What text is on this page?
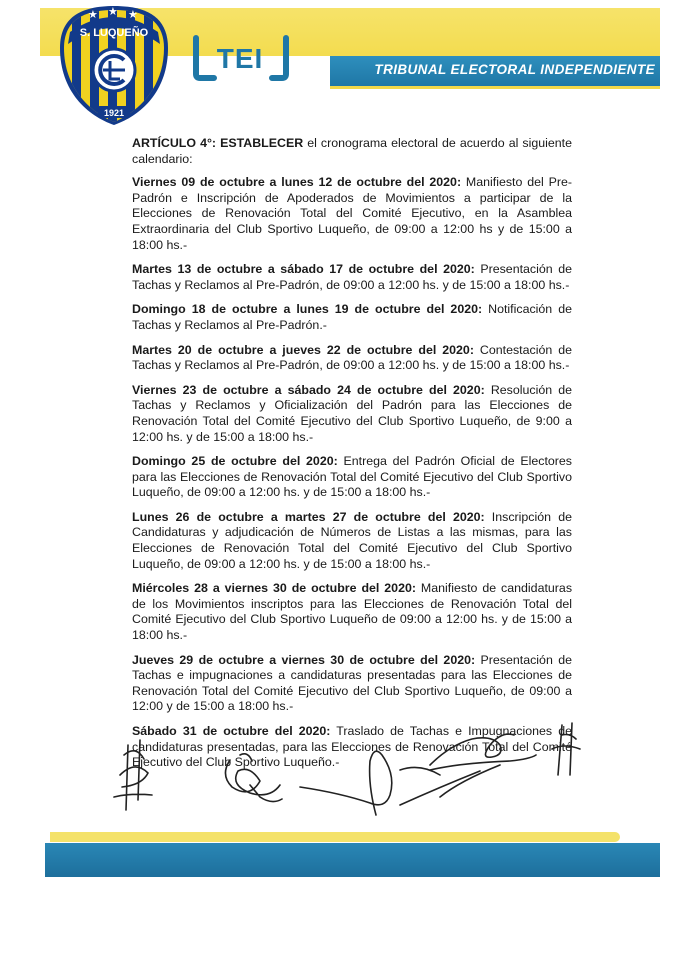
TRIBUNAL ELECTORAL INDEPENDIENTE
★ ★ ★
S. LUQUEÑO
1921
TEI

ARTÍCULO 4°: ESTABLECER el cronograma electoral de acuerdo al siguiente calendario:

Viernes 09 de octubre a lunes 12 de octubre del 2020: Manifiesto del Pre-Padrón e Inscripción de Apoderados de Movimientos a participar de la Elecciones de Renovación Total del Comité Ejecutivo, en la Asamblea Extraordinaria del Club Sportivo Luqueño, de 09:00 a 12:00 hs y de 15:00 a 18:00 hs.-

Martes 13 de octubre a sábado 17 de octubre del 2020: Presentación de Tachas y Reclamos al Pre-Padrón, de 09:00 a 12:00 hs. y de 15:00 a 18:00 hs.-

Domingo 18 de octubre a lunes 19 de octubre del 2020: Notificación de Tachas y Reclamos al Pre-Padrón.-

Martes 20 de octubre a jueves 22 de octubre del 2020: Contestación de Tachas y Reclamos al Pre-Padrón, de 09:00 a 12:00 hs. y de 15:00 a 18:00 hs.-

Viernes 23 de octubre a sábado 24 de octubre del 2020: Resolución de Tachas y Reclamos y Oficialización del Padrón para las Elecciones de Renovación Total del Comité Ejecutivo del Club Sportivo Luqueño, de 9:00 a 12:00 hs. y de 15:00 a 18:00 hs.-

Domingo 25 de octubre del 2020: Entrega del Padrón Oficial de Electores para las Elecciones de Renovación Total del Comité Ejecutivo del Club Sportivo Luqueño, de 09:00 a 12:00 hs. y de 15:00 a 18:00 hs.-

Lunes 26 de octubre a martes 27 de octubre del 2020: Inscripción de Candidaturas y adjudicación de Números de Listas a las mismas, para las Elecciones de Renovación Total del Comité Ejecutivo del Club Sportivo Luqueño, de 09:00 a 12:00 hs. y de 15:00 a 18:00 hs.-

Miércoles 28 a viernes 30 de octubre del 2020: Manifiesto de candidaturas de los Movimientos inscriptos para las Elecciones de Renovación Total del Comité Ejecutivo del Club Sportivo Luqueño de 09:00 a 12:00 hs. y de 15:00 a 18:00 hs.-

Jueves 29 de octubre a viernes 30 de octubre del 2020: Presentación de Tachas e impugnaciones a candidaturas presentadas para las Elecciones de Renovación Total del Comité Ejecutivo del Club Sportivo Luqueño, de 09:00 a 12:00 y de 15:00 a 18:00 hs.-

Sábado 31 de octubre del 2020: Traslado de Tachas e Impugnaciones de candidaturas presentadas, para las Elecciones de Renovación Total del Comité Ejecutivo del Club Sportivo Luqueño.-
